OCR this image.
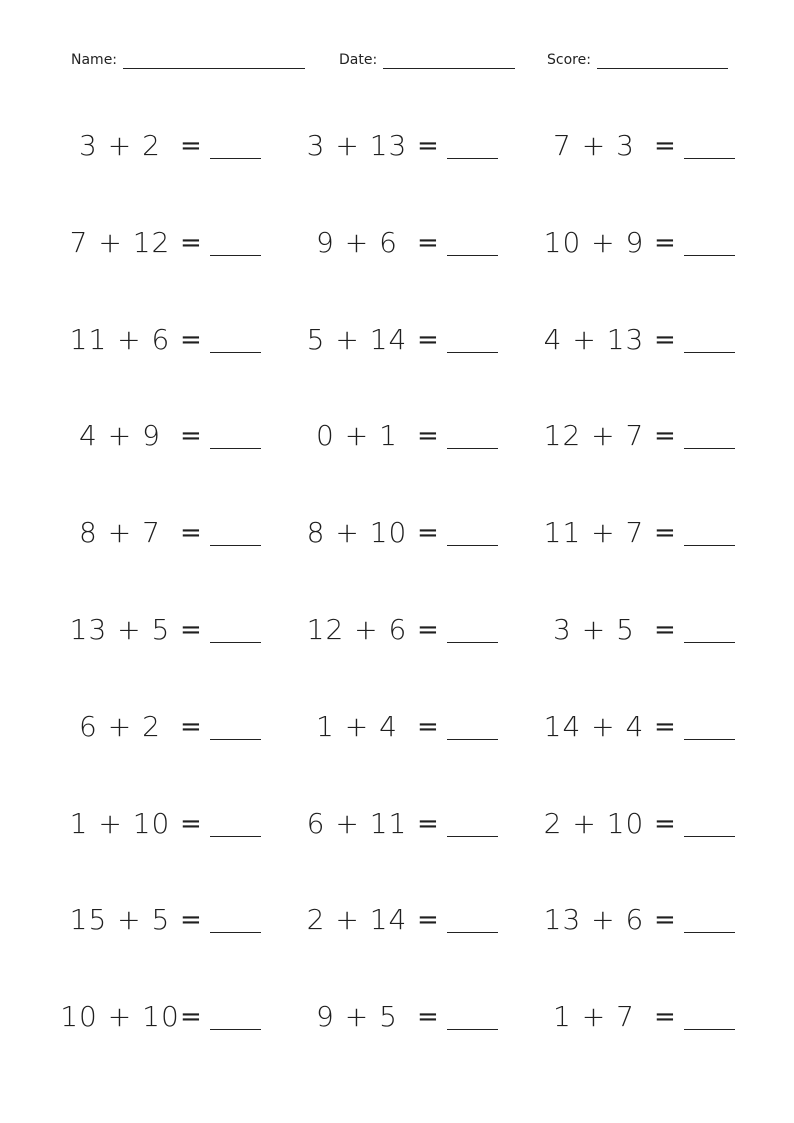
Name:	Date:	Score:
3 + 2 =	3 + 13 =	7 + 3 =
7 + 12 =	9 + 6 =	10 + 9 =
11 + 6 =	5 + 14 =	4 + 13 =
4 + 9 =	0 + 1 =	12 + 7 =
8 + 7 =	8 + 10 =	11 + 7 =
13 + 5 =	12 + 6 =	3 + 5 =
6 + 2 =	1 + 4 =	14 + 4 =
1 + 10 =	6 + 11 =	2 + 10 =
15 + 5 =	2 + 14 =	13 + 6 =
10 + 10 =	9 + 5 =	1 + 7 =
